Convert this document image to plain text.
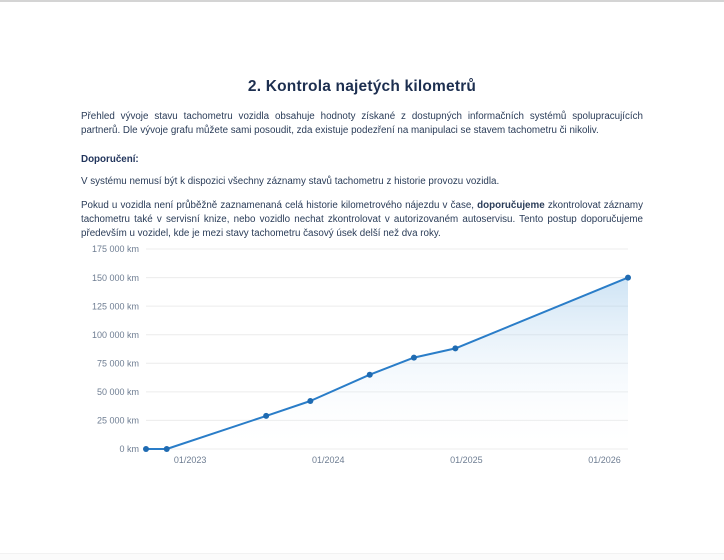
2. Kontrola najetých kilometrů

Přehled vývoje stavu tachometru vozidla obsahuje hodnoty získané z dostupných informačních systémů spolupracujících partnerů. Dle vývoje grafu můžete sami posoudit, zda existuje podezření na manipulaci se stavem tachometru či nikoliv.

Doporučení:

V systému nemusí být k dispozici všechny záznamy stavů tachometru z historie provozu vozidla.

Pokud u vozidla není průběžně zaznamenaná celá historie kilometrového nájezdu v čase, doporučujeme zkontrolovat záznamy tachometru také v servisní knize, nebo vozidlo nechat zkontrolovat v autorizovaném autoservisu. Tento postup doporučujeme především u vozidel, kde je mezi stavy tachometru časový úsek delší než dva roky.

0 km
25 000 km
50 000 km
75 000 km
100 000 km
125 000 km
150 000 km
175 000 km
01/2023	01/2024	01/2025	01/2026
